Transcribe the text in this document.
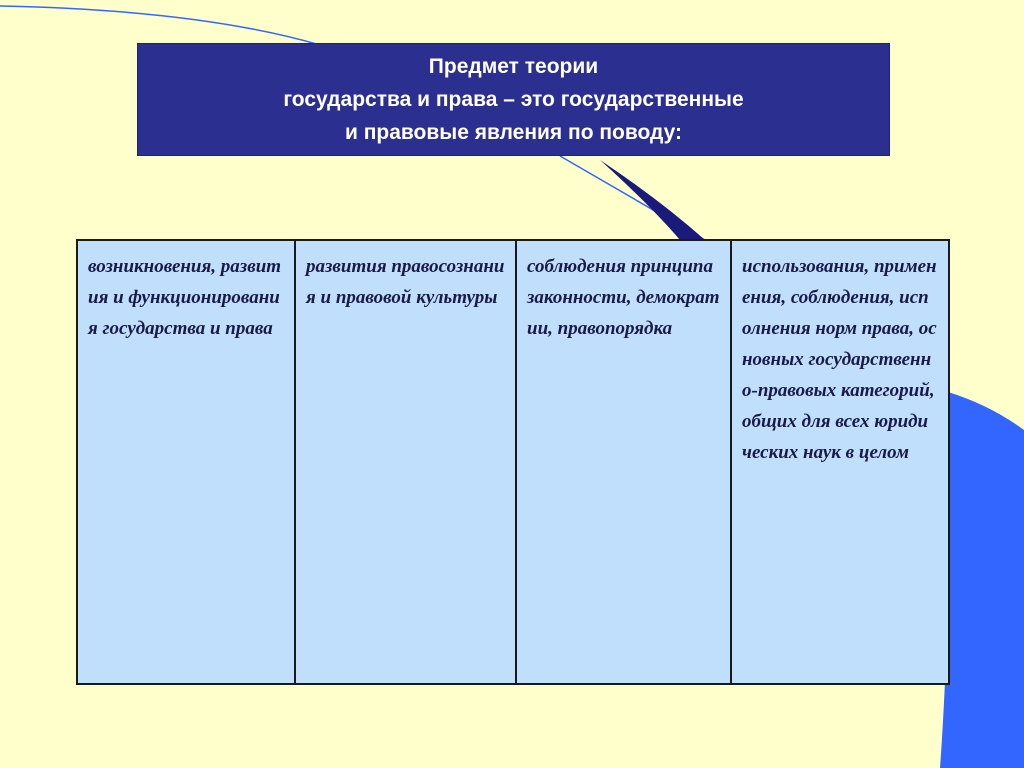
Предмет теории
государства и права – это государственные
и правовые явления по поводу:
возникновения, развития и функционирования государства и права	развития правосознания и правовой культуры	соблюдения принципа законности, демократии, правопорядка	использования, применения, соблюдения, исполнения норм права, основных государственно-правовых категорий, общих для всех юридических наук в целом
